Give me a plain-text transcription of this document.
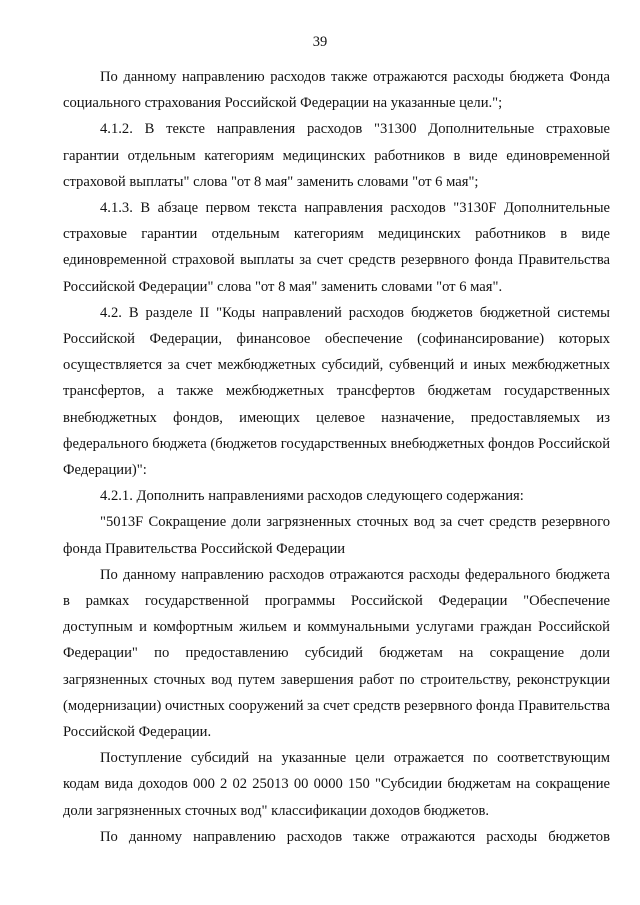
39

По данному направлению расходов также отражаются расходы бюджета Фонда социального страхования Российской Федерации на указанные цели.";

4.1.2. В тексте направления расходов "31300 Дополнительные страховые гарантии отдельным категориям медицинских работников в виде единовременной страховой выплаты" слова "от 8 мая" заменить словами "от 6 мая";

4.1.3. В абзаце первом текста направления расходов "3130F Дополнительные страховые гарантии отдельным категориям медицинских работников в виде единовременной страховой выплаты за счет средств резервного фонда Правительства Российской Федерации" слова "от 8 мая" заменить словами "от 6 мая".

4.2. В разделе II "Коды направлений расходов бюджетов бюджетной системы Российской Федерации, финансовое обеспечение (софинансирование) которых осуществляется за счет межбюджетных субсидий, субвенций и иных межбюджетных трансфертов, а также межбюджетных трансфертов бюджетам государственных внебюджетных фондов, имеющих целевое назначение, предоставляемых из федерального бюджета (бюджетов государственных внебюджетных фондов Российской Федерации)":

4.2.1. Дополнить направлениями расходов следующего содержания:

"5013F Сокращение доли загрязненных сточных вод за счет средств резервного фонда Правительства Российской Федерации

По данному направлению расходов отражаются расходы федерального бюджета в рамках государственной программы Российской Федерации "Обеспечение доступным и комфортным жильем и коммунальными услугами граждан Российской Федерации" по предоставлению субсидий бюджетам на сокращение доли загрязненных сточных вод путем завершения работ по строительству, реконструкции (модернизации) очистных сооружений за счет средств резервного фонда Правительства Российской Федерации.

Поступление субсидий на указанные цели отражается по соответствующим кодам вида доходов 000 2 02 25013 00 0000 150 "Субсидии бюджетам на сокращение доли загрязненных сточных вод" классификации доходов бюджетов.

По данному направлению расходов также отражаются расходы бюджетов
